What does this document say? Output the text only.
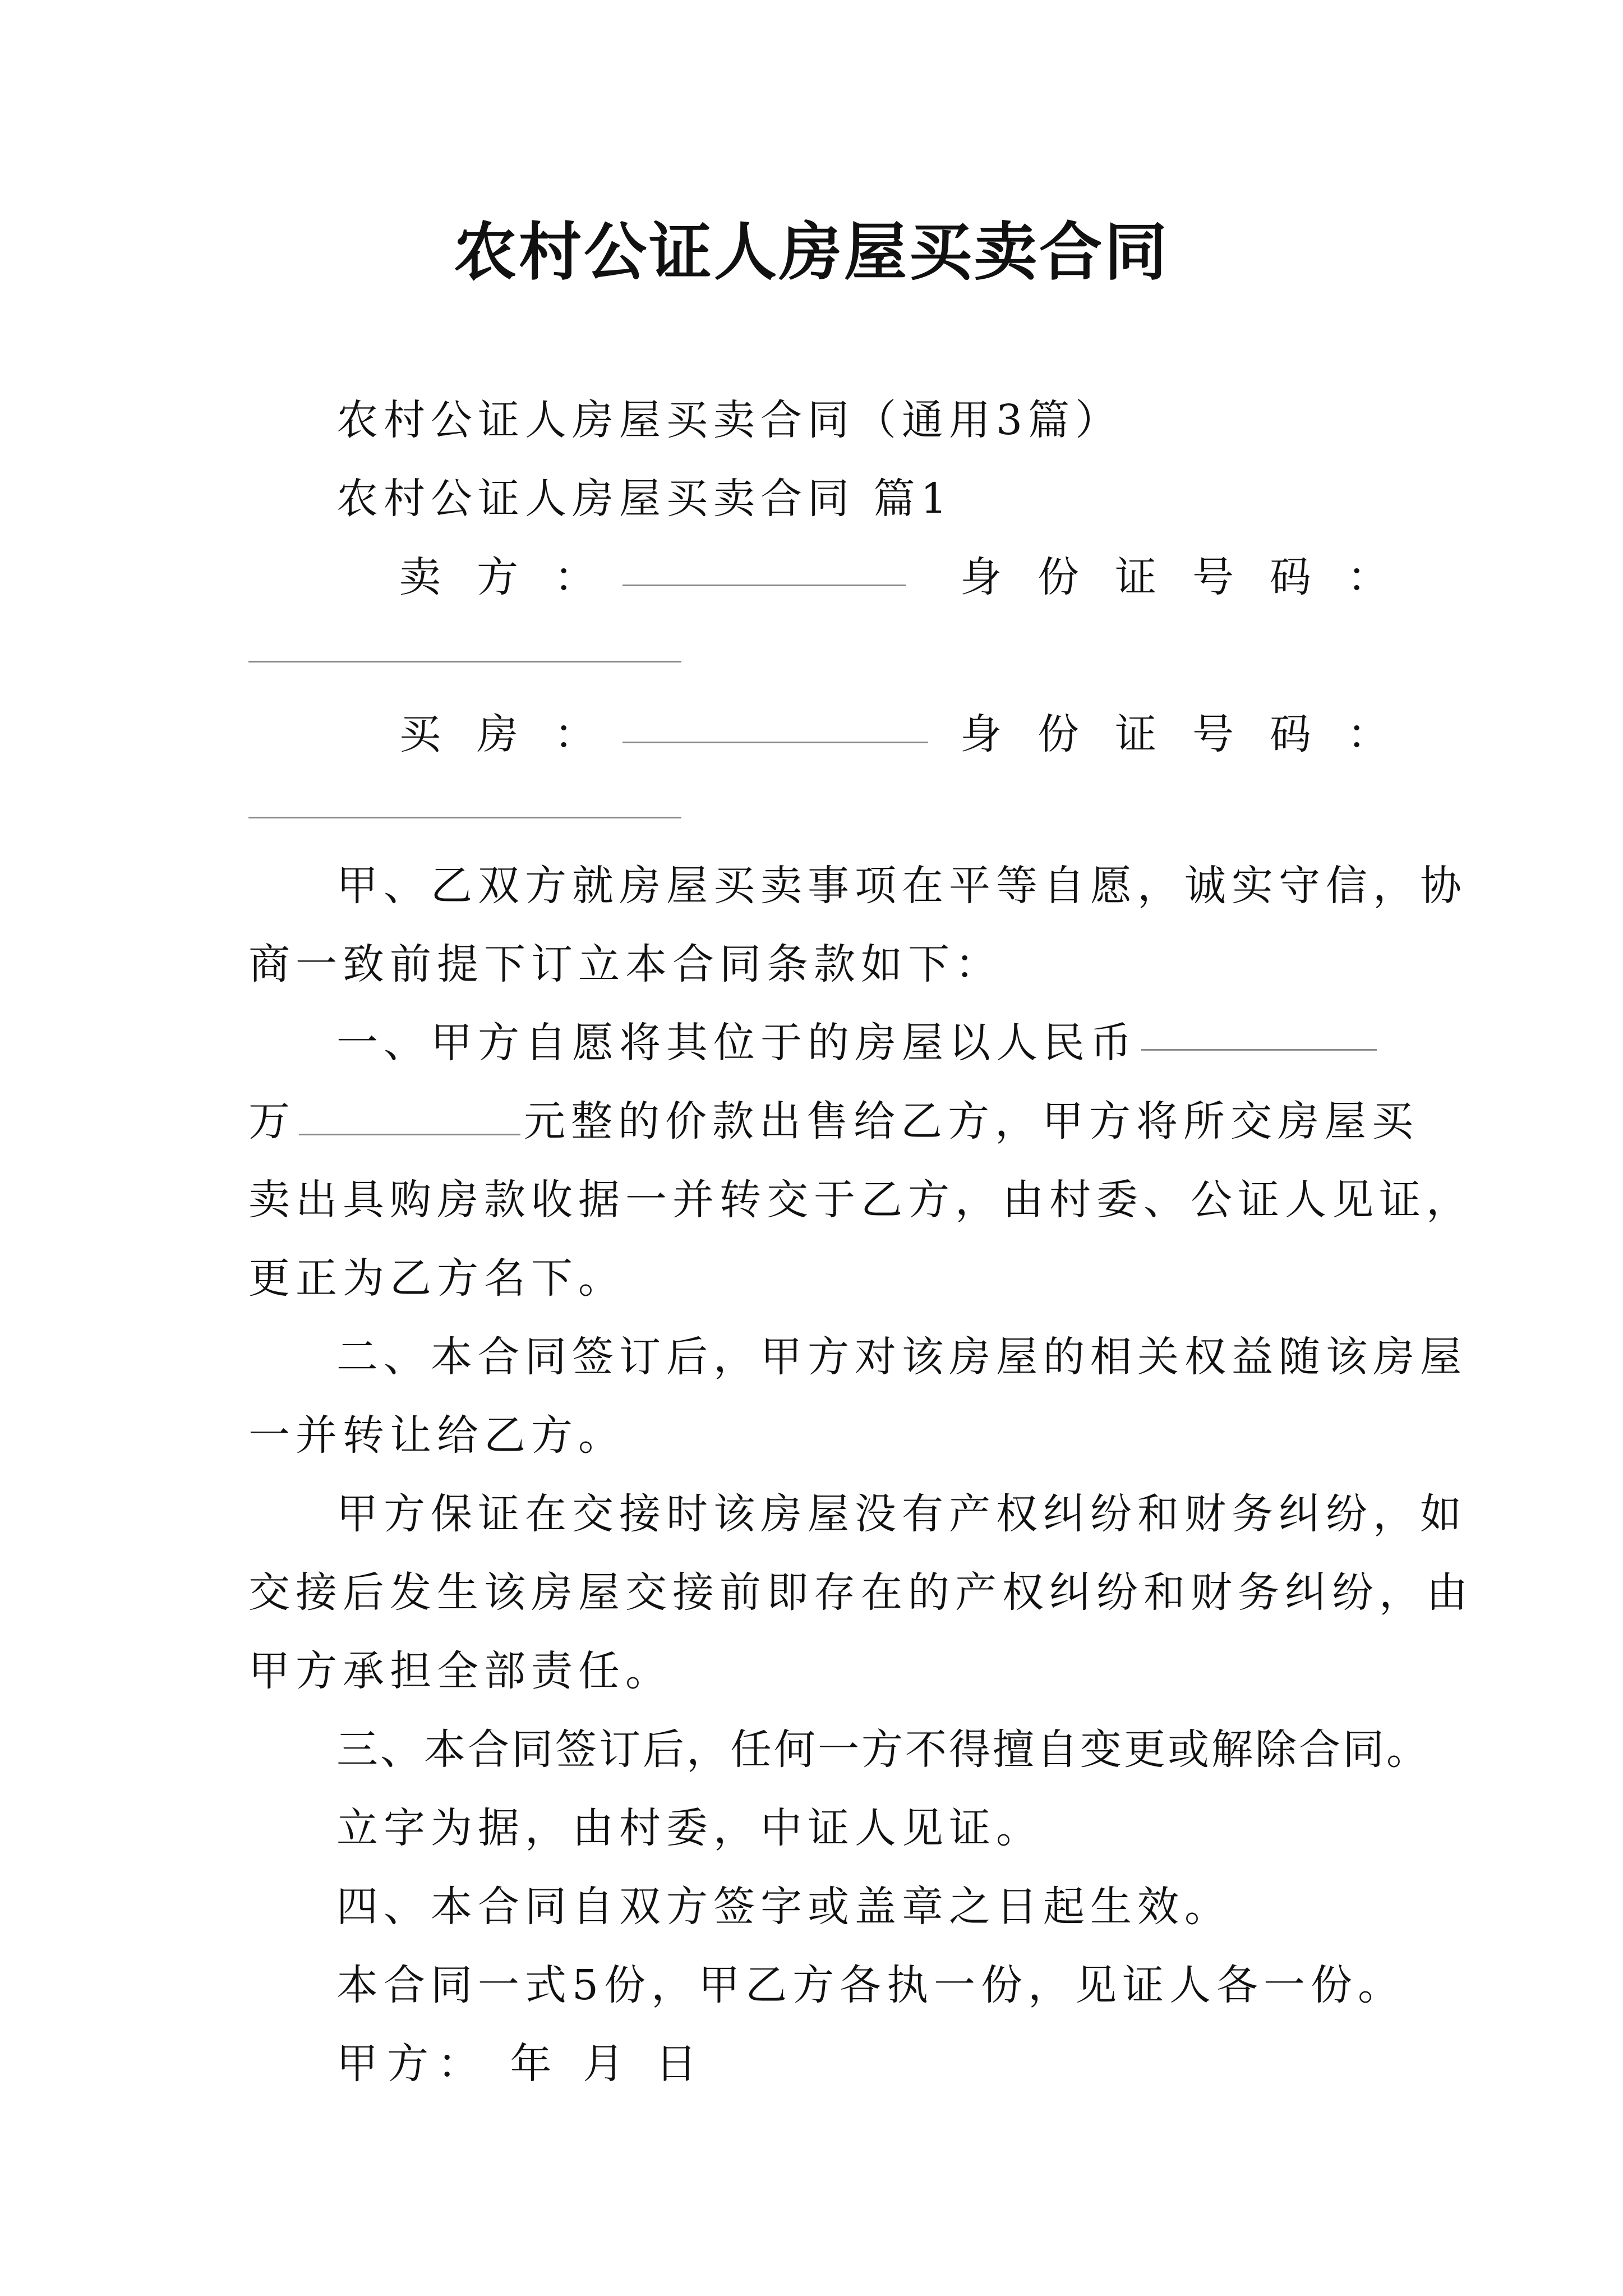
农村公证人房屋买卖合同
农村公证人房屋买卖合同（通用3篇）
农村公证人房屋买卖合同 篇1
卖方：	身份证号码：
买房：	身份证号码：
甲、乙双方就房屋买卖事项在平等自愿，诚实守信，协
商一致前提下订立本合同条款如下：
一、甲方自愿将其位于的房屋以人民币
万	元整的价款出售给乙方，甲方将所交房屋买
卖出具购房款收据一并转交于乙方，由村委、公证人见证，
更正为乙方名下。
二、本合同签订后，甲方对该房屋的相关权益随该房屋
一并转让给乙方。
甲方保证在交接时该房屋没有产权纠纷和财务纠纷，如
交接后发生该房屋交接前即存在的产权纠纷和财务纠纷，由
甲方承担全部责任。
三、本合同签订后，任何一方不得擅自变更或解除合同。
立字为据，由村委，中证人见证。
四、本合同自双方签字或盖章之日起生效。
本合同一式5份，甲乙方各执一份，见证人各一份。
甲方： 年 月 日
